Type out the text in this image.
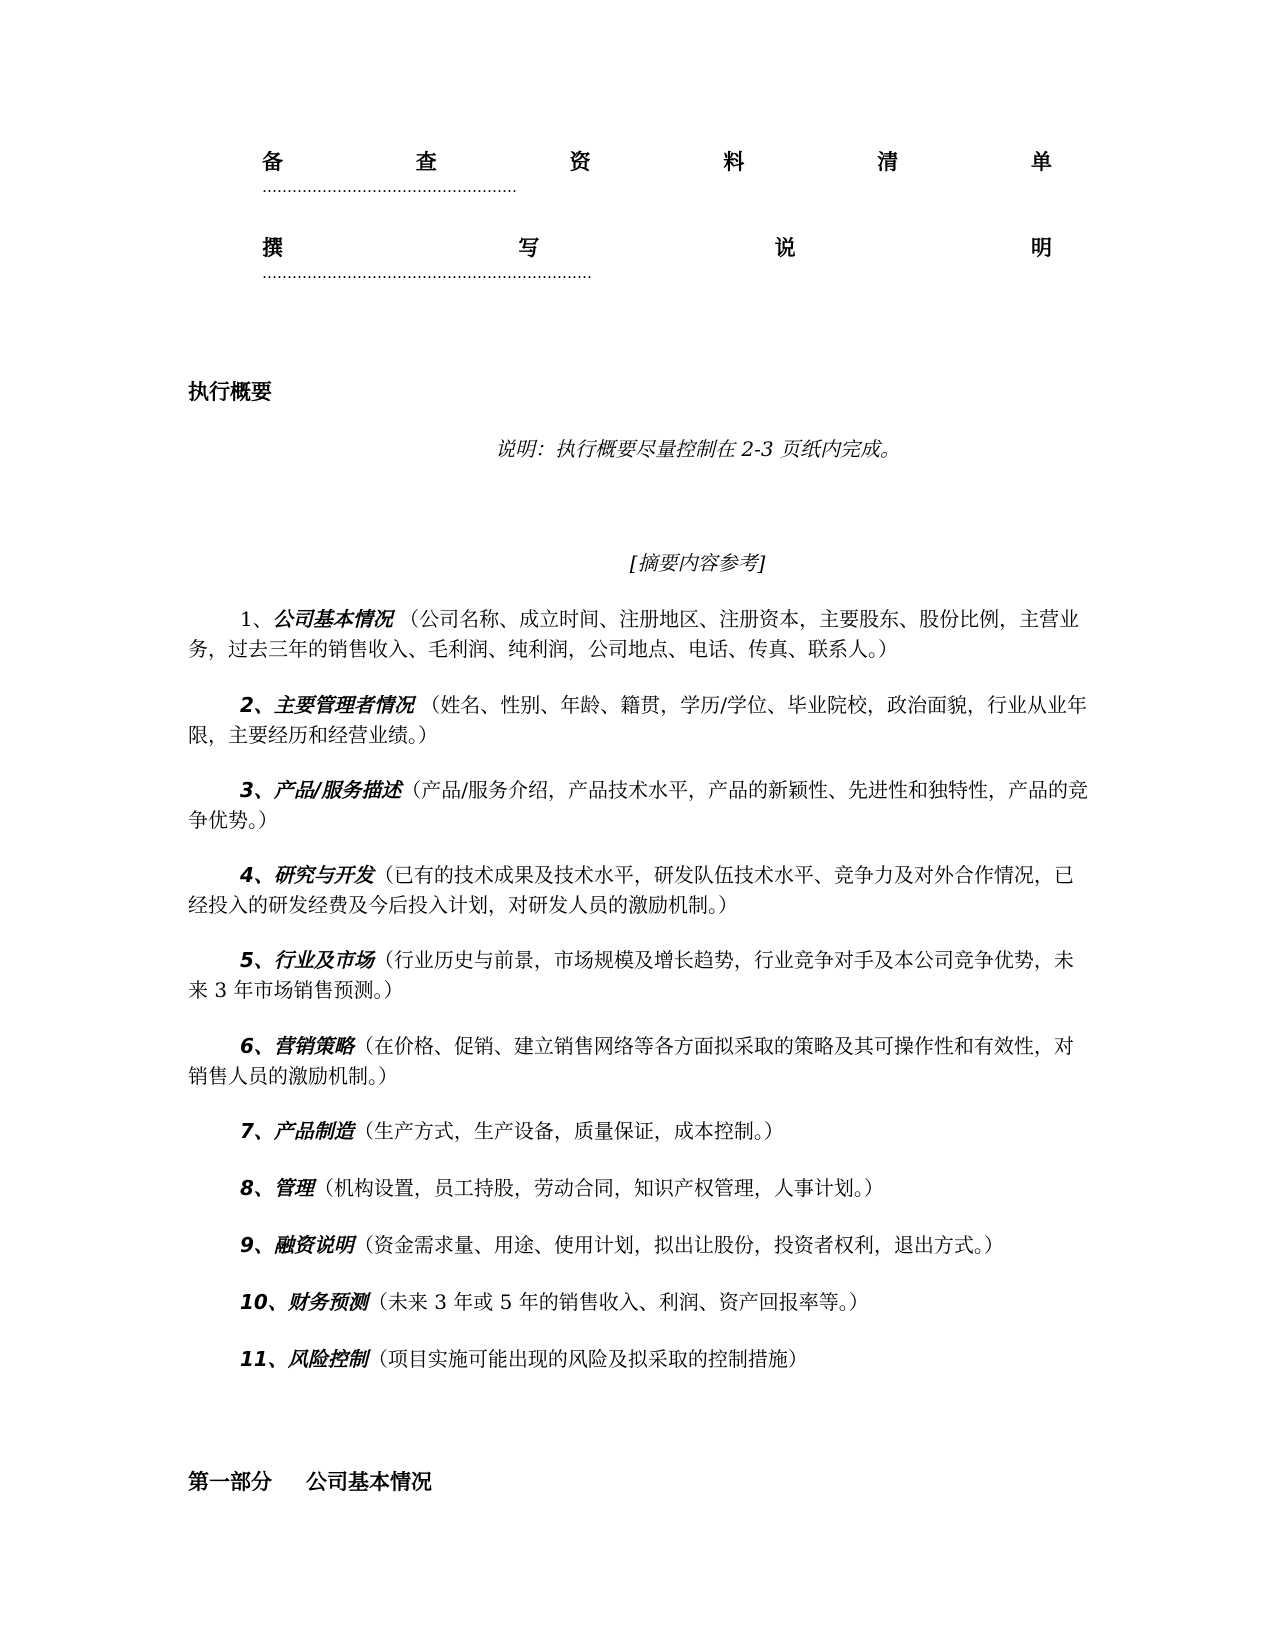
备	查	资	料	清	单
……………………………………………
撰	写	说	明
…………………………………………………………
执行概要
说明：执行概要尽量控制在 2-3 页纸内完成。
[摘要内容参考]
1、公司基本情况 （公司名称、成立时间、注册地区、注册资本，主要股东、股份比例，主营业务，过去三年的销售收入、毛利润、纯利润，公司地点、电话、传真、联系人。）
2、主要管理者情况 （姓名、性别、年龄、籍贯，学历/学位、毕业院校，政治面貌，行业从业年限，主要经历和经营业绩。）
3、产品/服务描述（产品/服务介绍，产品技术水平，产品的新颖性、先进性和独特性，产品的竞争优势。）
4、研究与开发（已有的技术成果及技术水平，研发队伍技术水平、竞争力及对外合作情况，已经投入的研发经费及今后投入计划，对研发人员的激励机制。）
5、行业及市场（行业历史与前景，市场规模及增长趋势，行业竞争对手及本公司竞争优势，未来 3 年市场销售预测。）
6、营销策略（在价格、促销、建立销售网络等各方面拟采取的策略及其可操作性和有效性，对销售人员的激励机制。）
7、产品制造（生产方式，生产设备，质量保证，成本控制。）
8、管理（机构设置，员工持股，劳动合同，知识产权管理，人事计划。）
9、融资说明（资金需求量、用途、使用计划，拟出让股份，投资者权利，退出方式。）
10、财务预测（未来 3 年或 5 年的销售收入、利润、资产回报率等。）
11、风险控制（项目实施可能出现的风险及拟采取的控制措施）
第一部分 公司基本情况
